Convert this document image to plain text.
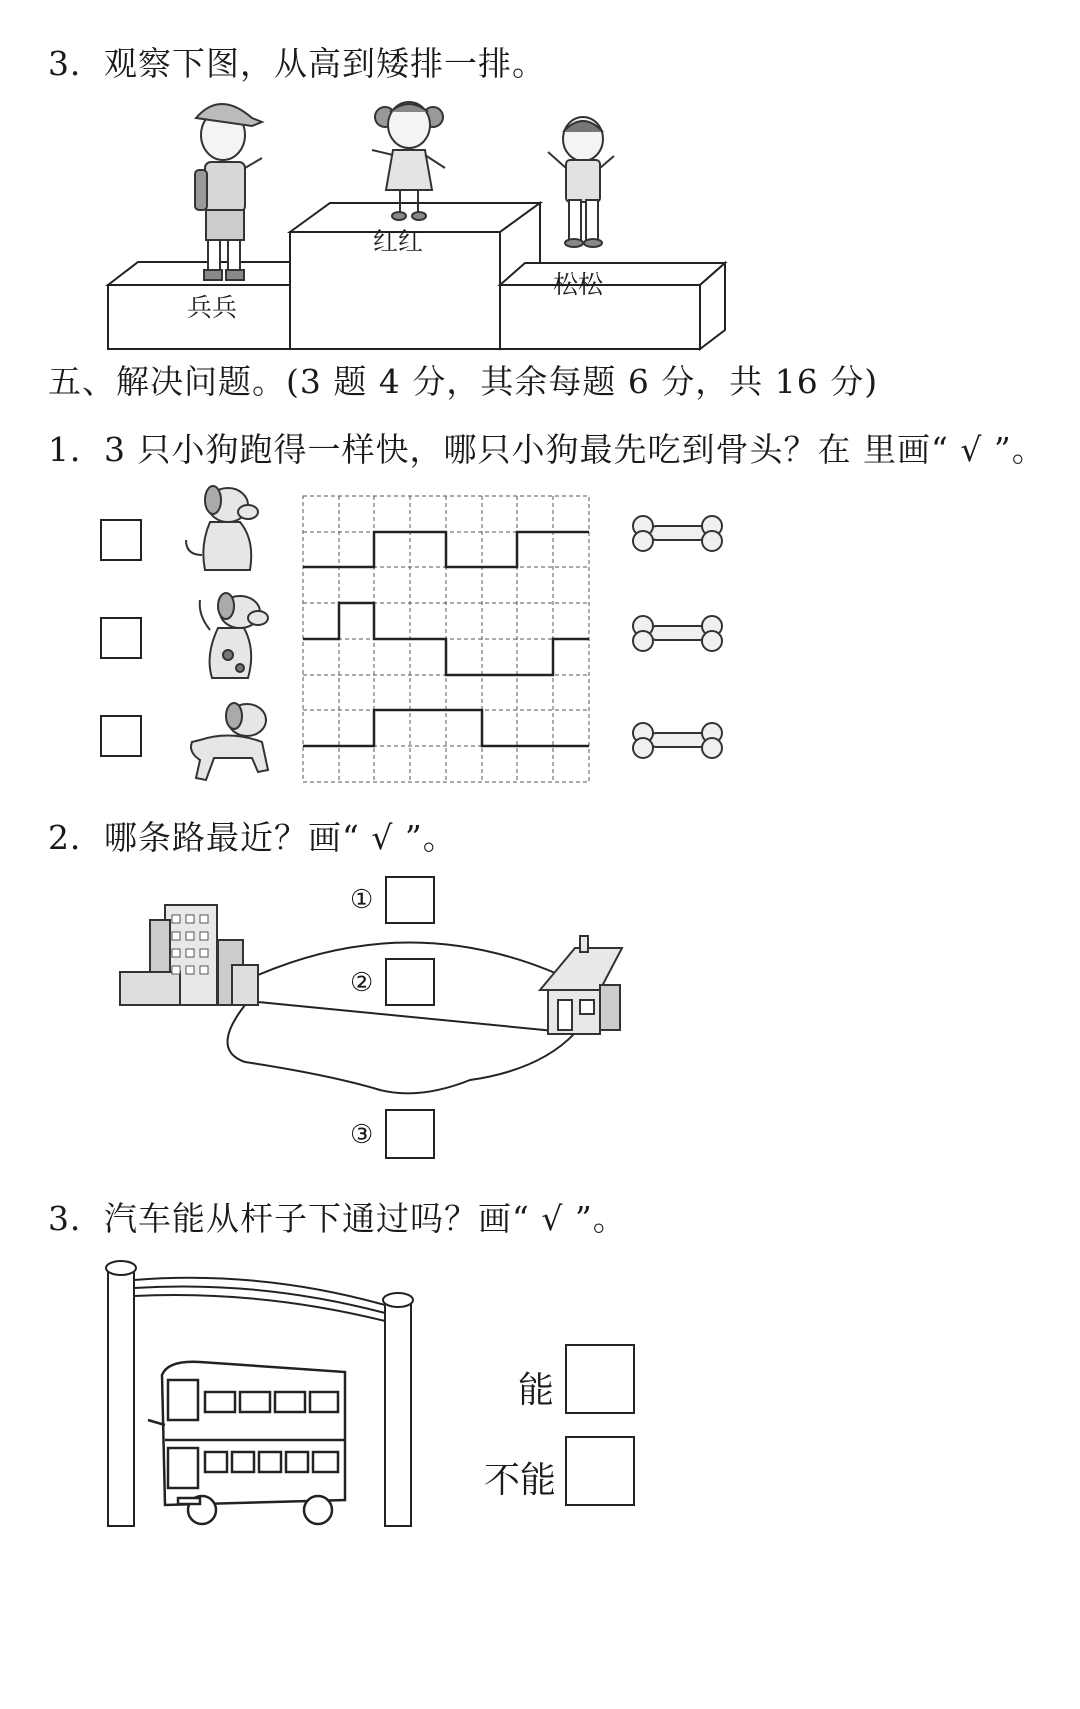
3．观察下图，从高到矮排一排。
兵兵
红红
松松
五、解决问题。(3 题 4 分，其余每题 6 分，共 16 分)
1．3 只小狗跑得一样快，哪只小狗最先吃到骨头？在 里画“ √ ”。
2．哪条路最近？画“ √ ”。
①
②
③
3．汽车能从杆子下通过吗？画“ √ ”。
能
不能
